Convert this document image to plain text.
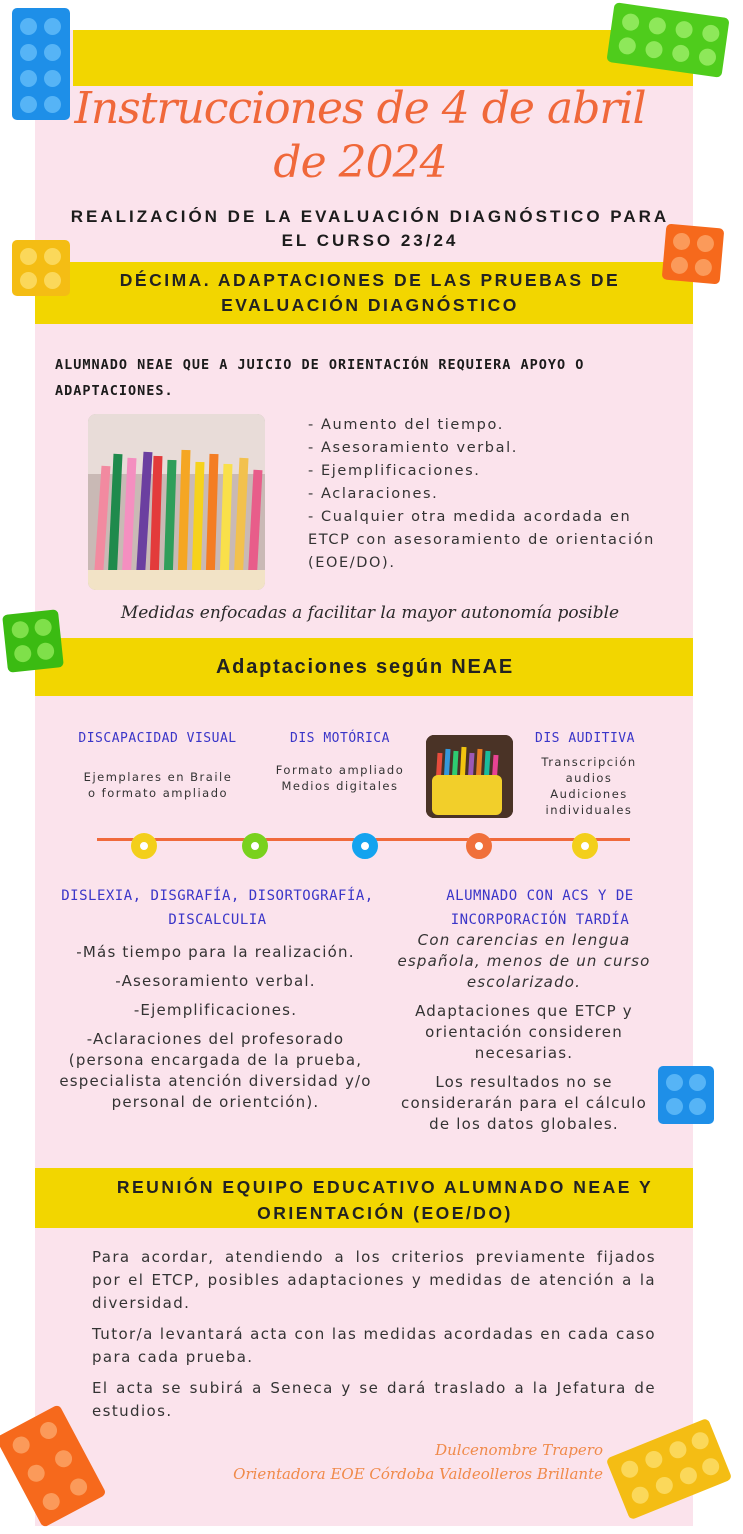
Instrucciones de 4 de abril de 2024
REALIZACIÓN DE LA EVALUACIÓN DIAGNÓSTICO PARA EL CURSO 23/24
DÉCIMA. ADAPTACIONES DE LAS PRUEBAS DE EVALUACIÓN DIAGNÓSTICO
ALUMNADO NEAE QUE A JUICIO DE ORIENTACIÓN REQUIERA APOYO O ADAPTACIONES.
- Aumento del tiempo.
- Asesoramiento verbal.
- Ejemplificaciones.
- Aclaraciones.
- Cualquier otra medida acordada en ETCP con asesoramiento de orientación (EOE/DO).
Medidas enfocadas a facilitar la mayor autonomía posible
Adaptaciones según NEAE
DISCAPACIDAD VISUAL
Ejemplares en Braile o formato ampliado
DIS MOTÓRICA
Formato ampliado Medios digitales
DIS AUDITIVA
Transcripción audios Audiciones individuales
DISLEXIA, DISGRAFÍA, DISORTOGRAFÍA, DISCALCULIA

-Más tiempo para la realización.

-Asesoramiento verbal.

-Ejemplificaciones.

-Aclaraciones del profesorado (persona encargada de la prueba, especialista atención diversidad y/o personal de orientción).

ALUMNADO CON ACS Y DE INCORPORACIÓN TARDÍA

Con carencias en lengua española, menos de un curso escolarizado.

Adaptaciones que ETCP y orientación consideren necesarias.

Los resultados no se considerarán para el cálculo de los datos globales.

REUNIÓN EQUIPO EDUCATIVO ALUMNADO NEAE Y ORIENTACIÓN (EOE/DO)

Para acordar, atendiendo a los criterios previamente fijados por el ETCP, posibles adaptaciones y medidas de atención a la diversidad.

Tutor/a levantará acta con las medidas acordadas en cada caso para cada prueba.

El acta se subirá a Seneca y se dará traslado a la Jefatura de estudios.

Dulcenombre Trapero
Orientadora EOE Córdoba Valdeolleros Brillante
